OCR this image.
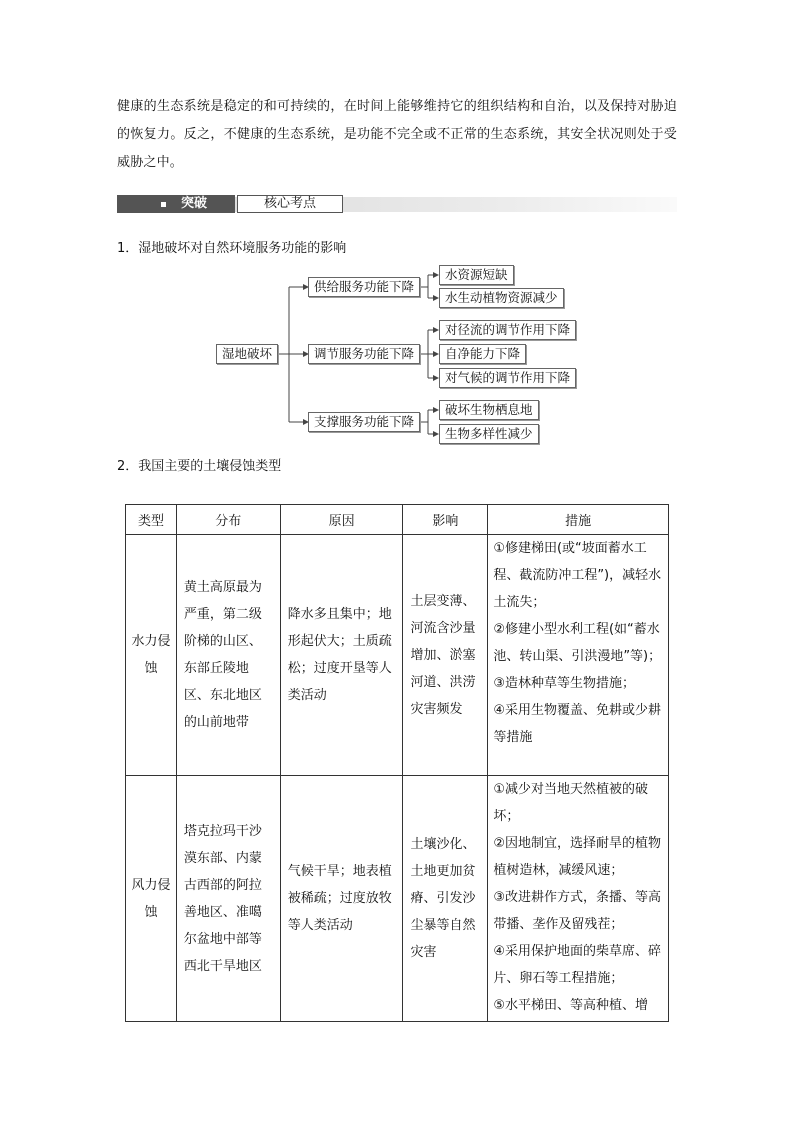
健康的生态系统是稳定的和可持续的，在时间上能够维持它的组织结构和自治，以及保持对胁迫的恢复力。反之，不健康的生态系统，是功能不完全或不正常的生态系统，其安全状况则处于受威胁之中。

突破	核心考点
1．湿地破坏对自然环境服务功能的影响
湿地破坏
供给服务功能下降
调节服务功能下降
支撑服务功能下降
水资源短缺
水生动植物资源减少
对径流的调节作用下降
自净能力下降
对气候的调节作用下降
破坏生物栖息地
生物多样性减少
2．我国主要的土壤侵蚀类型
类型	分布	原因	影响	措施
水力侵蚀	黄土高原最为严重，第二级阶梯的山区、东部丘陵地区、东北地区的山前地带	降水多且集中；地形起伏大；土质疏松；过度开垦等人类活动	土层变薄、河流含沙量增加、淤塞河道、洪涝灾害频发	①修建梯田(或“坡面蓄水工程、截流防冲工程”)，减轻水土流失；
②修建小型水利工程(如“蓄水池、转山渠、引洪漫地”等)；
③造林种草等生物措施；
④采用生物覆盖、免耕或少耕等措施

风力侵蚀	塔克拉玛干沙漠东部、内蒙古西部的阿拉善地区、准噶尔盆地中部等西北干旱地区	气候干旱；地表植被稀疏；过度放牧等人类活动	土壤沙化、土地更加贫瘠、引发沙尘暴等自然灾害	①减少对当地天然植被的破坏；
②因地制宜，选择耐旱的植物植树造林，减缓风速；
③改进耕作方式，条播、等高带播、垄作及留残茬；
④采用保护地面的柴草席、碎片、卵石等工程措施；
⑤水平梯田、等高种植、增
